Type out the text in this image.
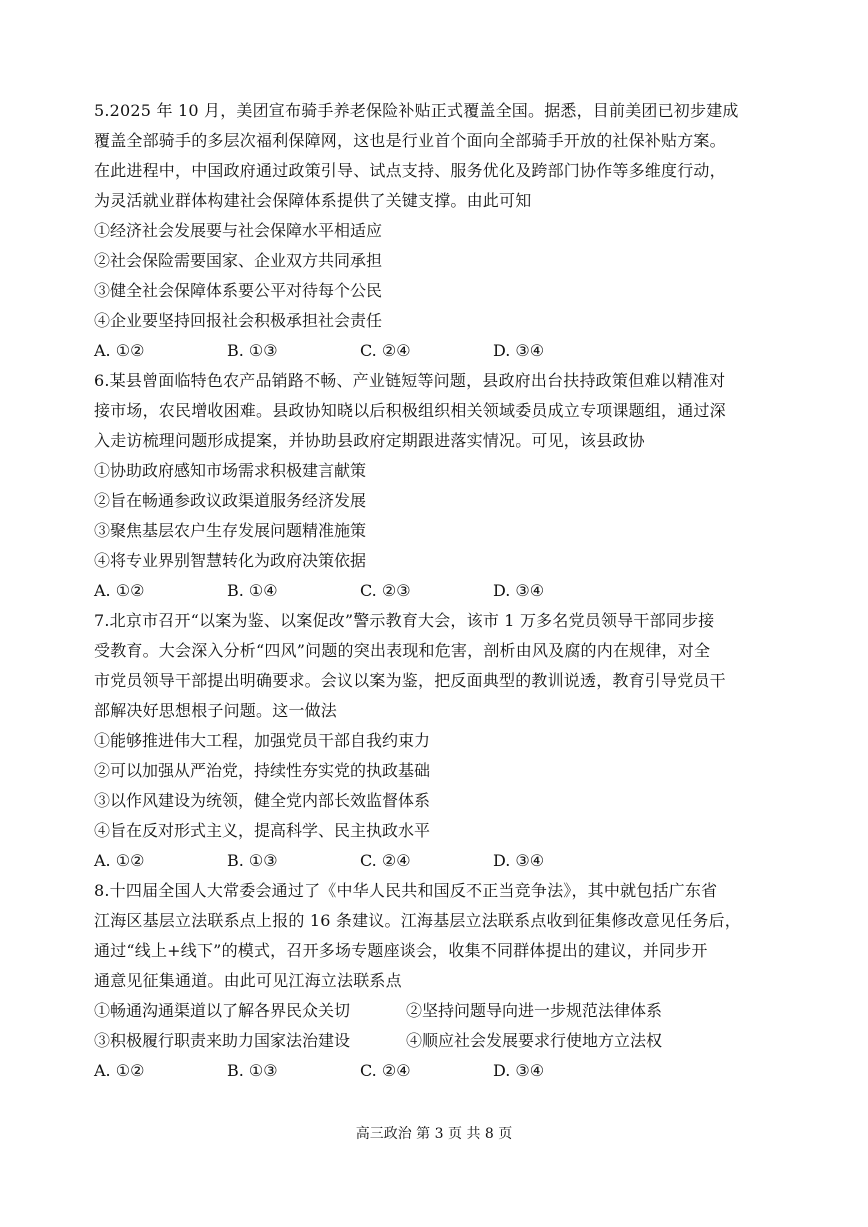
5.2025 年 10 月，美团宣布骑手养老保险补贴正式覆盖全国。据悉，目前美团已初步建成
覆盖全部骑手的多层次福利保障网，这也是行业首个面向全部骑手开放的社保补贴方案。
在此进程中，中国政府通过政策引导、试点支持、服务优化及跨部门协作等多维度行动，
为灵活就业群体构建社会保障体系提供了关键支撑。由此可知
①经济社会发展要与社会保障水平相适应
②社会保险需要国家、企业双方共同承担
③健全社会保障体系要公平对待每个公民
④企业要坚持回报社会积极承担社会责任
A. ①②	B. ①③	C. ②④	D. ③④
6.某县曾面临特色农产品销路不畅、产业链短等问题，县政府出台扶持政策但难以精准对
接市场，农民增收困难。县政协知晓以后积极组织相关领域委员成立专项课题组，通过深
入走访梳理问题形成提案，并协助县政府定期跟进落实情况。可见，该县政协
①协助政府感知市场需求积极建言献策
②旨在畅通参政议政渠道服务经济发展
③聚焦基层农户生存发展问题精准施策
④将专业界别智慧转化为政府决策依据
A. ①②	B. ①④	C. ②③	D. ③④
7.北京市召开“以案为鉴、以案促改”警示教育大会，该市 1 万多名党员领导干部同步接
受教育。大会深入分析“四风”问题的突出表现和危害，剖析由风及腐的内在规律，对全
市党员领导干部提出明确要求。会议以案为鉴，把反面典型的教训说透，教育引导党员干
部解决好思想根子问题。这一做法
①能够推进伟大工程，加强党员干部自我约束力
②可以加强从严治党，持续性夯实党的执政基础
③以作风建设为统领，健全党内部长效监督体系
④旨在反对形式主义，提高科学、民主执政水平
A. ①②	B. ①③	C. ②④	D. ③④
8.十四届全国人大常委会通过了《中华人民共和国反不正当竞争法》，其中就包括广东省
江海区基层立法联系点上报的 16 条建议。江海基层立法联系点收到征集修改意见任务后，
通过“线上+线下”的模式，召开多场专题座谈会，收集不同群体提出的建议，并同步开
通意见征集通道。由此可见江海立法联系点
①畅通沟通渠道以了解各界民众关切	②坚持问题导向进一步规范法律体系
③积极履行职责来助力国家法治建设	④顺应社会发展要求行使地方立法权
A. ①②	B. ①③	C. ②④	D. ③④
高三政治 第 3 页 共 8 页
